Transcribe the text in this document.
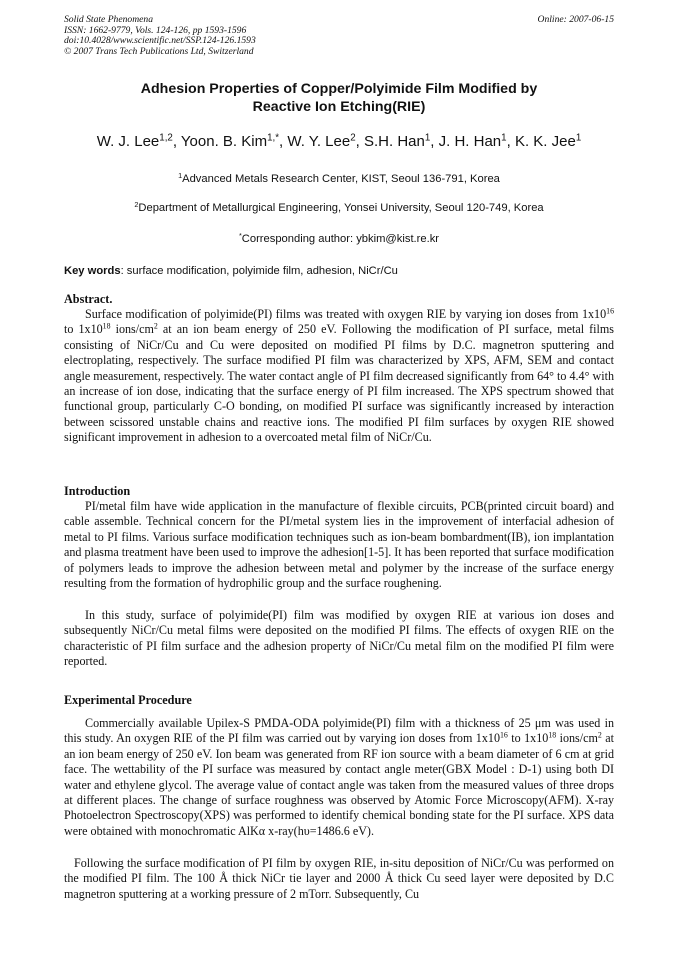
Solid State Phenomena
ISSN: 1662-9779, Vols. 124-126, pp 1593-1596
doi:10.4028/www.scientific.net/SSP.124-126.1593
© 2007 Trans Tech Publications Ltd, Switzerland
Online: 2007-06-15
Adhesion Properties of Copper/Polyimide Film Modified by
Reactive Ion Etching(RIE)
W. J. Lee$^{1,2}$, Yoon. B. Kim$^{1,*}$, W. Y. Lee$^2$, S.H. Han$^1$, J. H. Han$^1$, K. K. Jee$^1$
$^1$Advanced Metals Research Center, KIST, Seoul 136-791, Korea
$^2$Department of Metallurgical Engineering, Yonsei University, Seoul 120-749, Korea
*Corresponding author: ybkim@kist.re.kr
Key words: surface modification, polyimide film, adhesion, NiCr/Cu
Abstract.
Surface modification of polyimide(PI) films was treated with oxygen RIE by varying ion doses from $1x10^{16}$ to $1x10^{18}$ ions/$cm^2$ at an ion beam energy of 250 eV. Following the modification of PI surface, metal films consisting of NiCr/Cu and Cu were deposited on modified PI films by D.C. magnetron sputtering and electroplating, respectively. The surface modified PI film was characterized by XPS, AFM, SEM and contact angle measurement, respectively. The water contact angle of PI film decreased significantly from 64° to 4.4° with an increase of ion dose, indicating that the surface energy of PI film increased. The XPS spectrum showed that functional group, particularly C-O bonding, on modified PI surface was significantly increased by interaction between scissored unstable chains and reactive ions. The modified PI film surfaces by oxygen RIE showed significant improvement in adhesion to a overcoated metal film of NiCr/Cu.
Introduction
PI/metal film have wide application in the manufacture of flexible circuits, PCB(printed circuit board) and cable assemble. Technical concern for the PI/metal system lies in the improvement of interfacial adhesion of metal to PI films. Various surface modification techniques such as ion-beam bombardment(IB), ion implantation and plasma treatment have been used to improve the adhesion[1-5]. It has been reported that surface modification of polymers leads to improve the adhesion between metal and polymer by the increase of the surface energy resulting from the formation of hydrophilic group and the surface roughening.
In this study, surface of polyimide(PI) film was modified by oxygen RIE at various ion doses and subsequently NiCr/Cu metal films were deposited on the modified PI films. The effects of oxygen RIE on the characteristic of PI film surface and the adhesion property of NiCr/Cu metal film on the modified PI film were reported.
Experimental Procedure
Commercially available Upilex-S PMDA-ODA polyimide(PI) film with a thickness of 25 μm was used in this study. An oxygen RIE of the PI film was carried out by varying ion doses from $1x10^{16}$ to $1x10^{18}$ ions/$cm^2$ at an ion beam energy of 250 eV. Ion beam was generated from RF ion source with a beam diameter of 6 cm at grid face. The wettability of the PI surface was measured by contact angle meter(GBX Model : D-1) using both DI water and ethylene glycol. The average value of contact angle was taken from the measured values of three drops at different places. The change of surface roughness was observed by Atomic Force Microscopy(AFM). X-ray Photoelectron Spectroscopy(XPS) was performed to identify chemical bonding state for the PI surface. XPS data were obtained with monochromatic AlKα x-ray(hυ=1486.6 eV).
Following the surface modification of PI film by oxygen RIE, in-situ deposition of NiCr/Cu was performed on the modified PI film. The 100 Å thick NiCr tie layer and 2000 Å thick Cu seed layer were deposited by D.C magnetron sputtering at a working pressure of 2 mTorr. Subsequently, Cu
